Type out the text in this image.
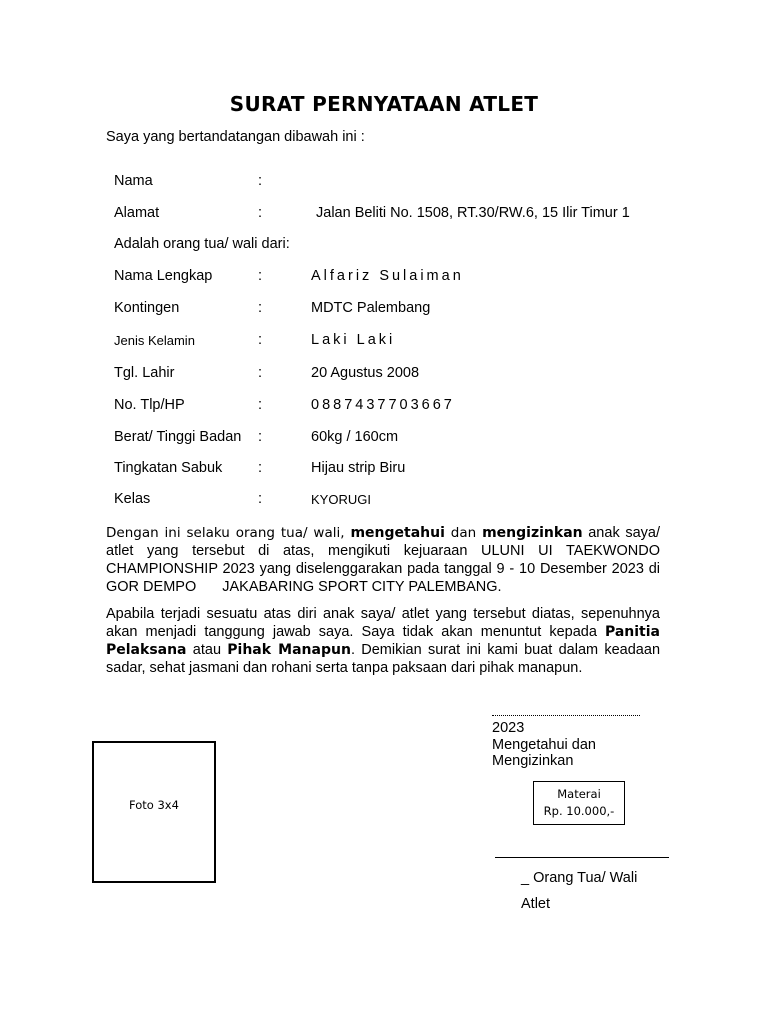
SURAT PERNYATAAN ATLET
Saya yang bertandatangan dibawah ini :
Nama	:
Alamat	:	Jalan Beliti No. 1508, RT.30/RW.6, 15 Ilir Timur 1
Adalah orang tua/ wali dari:
Nama Lengkap	:	Alfariz Sulaiman
Kontingen	:	MDTC Palembang
Jenis Kelamin	:	Laki Laki
Tgl. Lahir	:	20 Agustus 2008
No. Tlp/HP	:	0887437703667
Berat/ Tinggi Badan :	60kg / 160cm
Tingkatan Sabuk :	Hijau strip Biru
Kelas	:	KYORUGI
Dengan ini selaku orang tua/ wali, mengetahui dan mengizinkan anak saya/ atlet yang tersebut di atas, mengikuti kejuaraan ULUNI UI TAEKWONDO CHAMPIONSHIP 2023 yang diselenggarakan pada tanggal 9 - 10 Desember 2023 di GOR DEMPO JAKABARING SPORT CITY PALEMBANG.
Apabila terjadi sesuatu atas diri anak saya/ atlet yang tersebut diatas, sepenuhnya akan menjadi tanggung jawab saya. Saya tidak akan menuntut kepada Panitia Pelaksana atau Pihak Manapun. Demikian surat ini kami buat dalam keadaan sadar, sehat jasmani dan rohani serta tanpa paksaan dari pihak manapun.
2023
Mengetahui dan
Mengizinkan
Materai
Rp. 10.000,-
_ Orang Tua/ Wali
Atlet
Foto 3x4
